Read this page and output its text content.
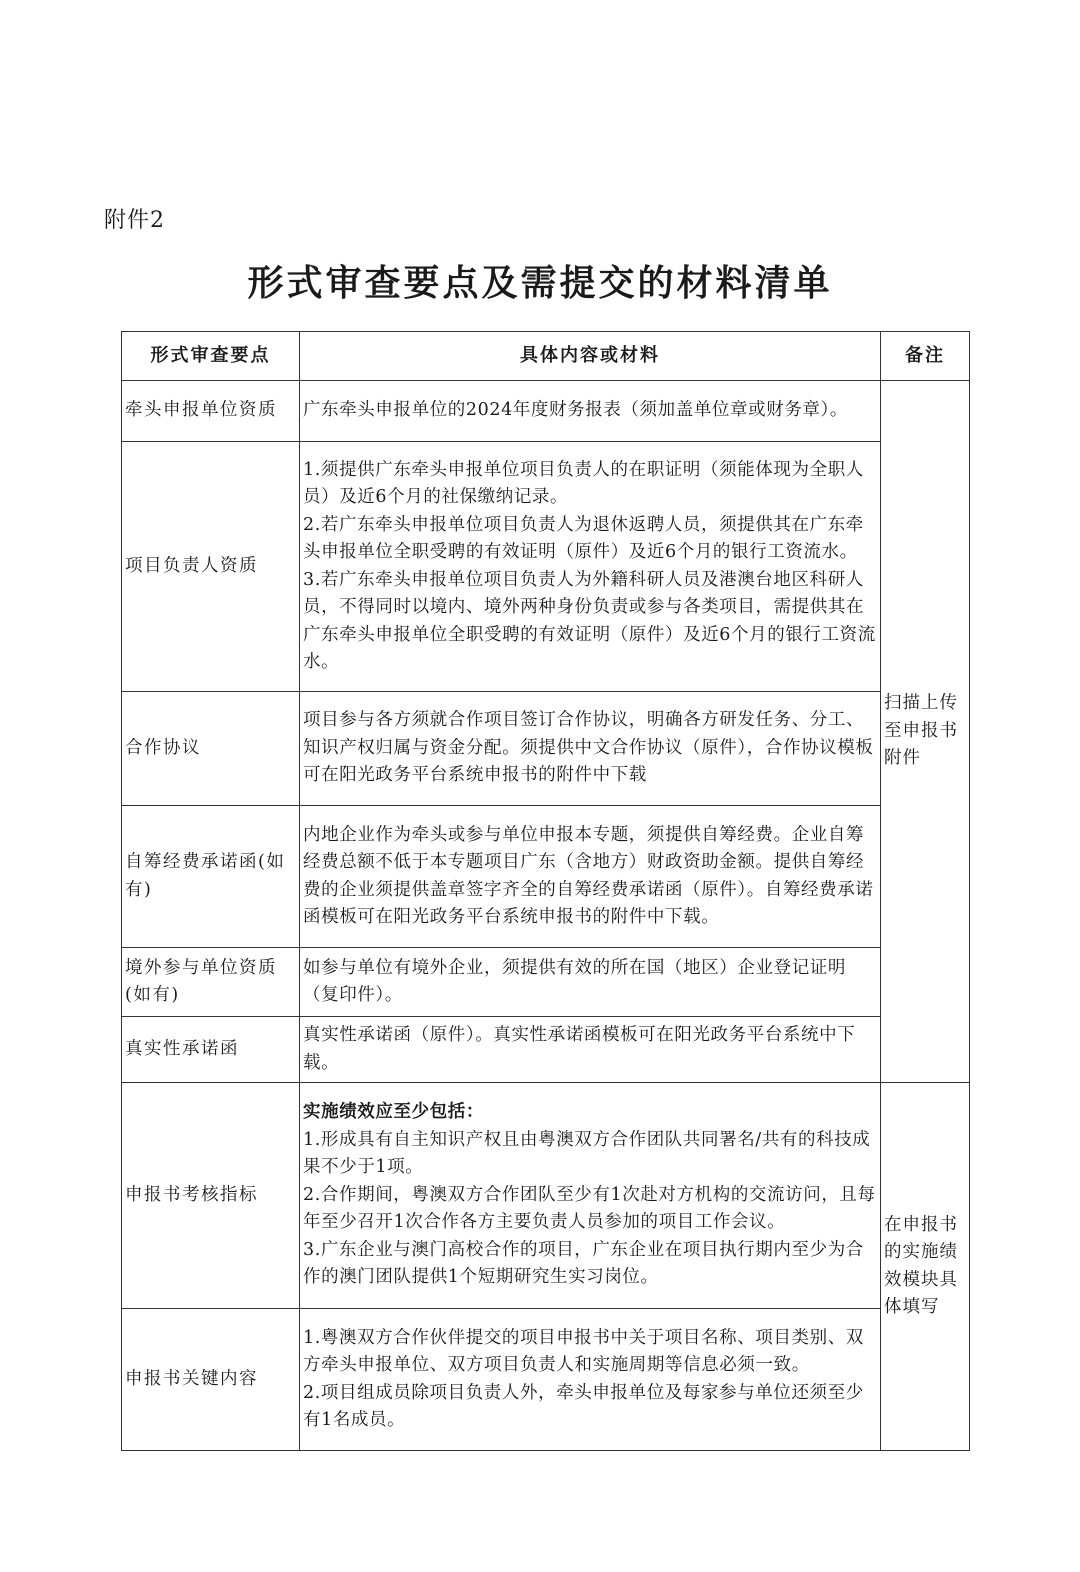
附件2
形式审查要点及需提交的材料清单
形式审查要点	具体内容或材料	备注
牵头申报单位资质	广东牵头申报单位的2024年度财务报表（须加盖单位章或财务章）。	扫描上传至申报书附件
项目负责人资质	1.须提供广东牵头申报单位项目负责人的在职证明（须能体现为全职人员）及近6个月的社保缴纳记录。
2.若广东牵头申报单位项目负责人为退休返聘人员，须提供其在广东牵头申报单位全职受聘的有效证明（原件）及近6个月的银行工资流水。
3.若广东牵头申报单位项目负责人为外籍科研人员及港澳台地区科研人员，不得同时以境内、境外两种身份负责或参与各类项目，需提供其在广东牵头申报单位全职受聘的有效证明（原件）及近6个月的银行工资流水。	

合作协议	项目参与各方须就合作项目签订合作协议，明确各方研发任务、分工、知识产权归属与资金分配。须提供中文合作协议（原件），合作协议模板可在阳光政务平台系统申报书的附件中下载	

自筹经费承诺函(如有)	内地企业作为牵头或参与单位申报本专题，须提供自筹经费。企业自筹经费总额不低于本专题项目广东（含地方）财政资助金额。提供自筹经费的企业须提供盖章签字齐全的自筹经费承诺函（原件）。自筹经费承诺函模板可在阳光政务平台系统申报书的附件中下载。	

境外参与单位资质(如有)	如参与单位有境外企业，须提供有效的所在国（地区）企业登记证明（复印件）。	

真实性承诺函	真实性承诺函（原件）。真实性承诺函模板可在阳光政务平台系统中下载。	

申报书考核指标	实施绩效应至少包括：
1.形成具有自主知识产权且由粤澳双方合作团队共同署名/共有的科技成果不少于1项。
2.合作期间，粤澳双方合作团队至少有1次赴对方机构的交流访问，且每年至少召开1次合作各方主要负责人员参加的项目工作会议。
3.广东企业与澳门高校合作的项目，广东企业在项目执行期内至少为合作的澳门团队提供1个短期研究生实习岗位。	在申报书的实施绩效模块具体填写
申报书关键内容	1.粤澳双方合作伙伴提交的项目申报书中关于项目名称、项目类别、双方牵头申报单位、双方项目负责人和实施周期等信息必须一致。
2.项目组成员除项目负责人外，牵头申报单位及每家参与单位还须至少有1名成员。	
